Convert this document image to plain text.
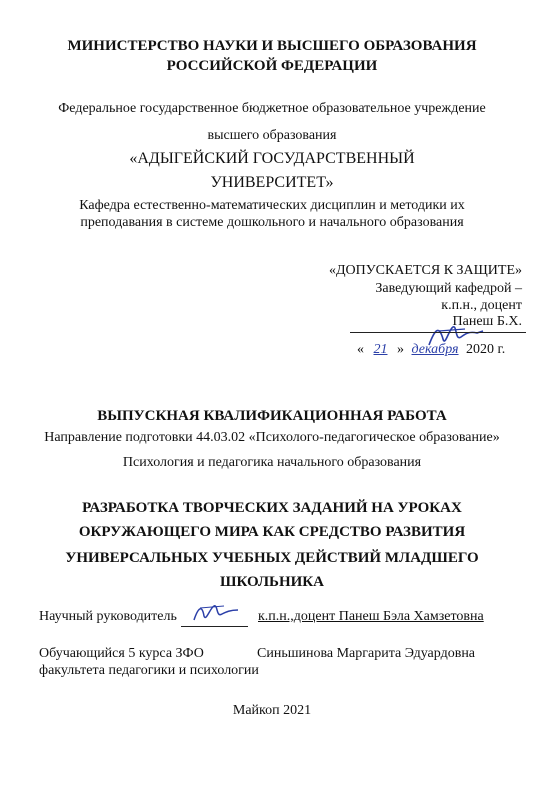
МИНИСТЕРСТВО НАУКИ И ВЫСШЕГО ОБРАЗОВАНИЯ
РОССИЙСКОЙ ФЕДЕРАЦИИ
Федеральное государственное бюджетное образовательное учреждение
высшего образования
«АДЫГЕЙСКИЙ ГОСУДАРСТВЕННЫЙ
УНИВЕРСИТЕТ»
Кафедра естественно-математических дисциплин и методики их
преподавания в системе дошкольного и начального образования
«ДОПУСКАЕТСЯ К ЗАЩИТЕ»
Заведующий кафедрой –
к.п.н., доцент
Панеш Б.Х.
« 21 » декабря 2020 г.
ВЫПУСКНАЯ КВАЛИФИКАЦИОННАЯ РАБОТА
Направление подготовки 44.03.02 «Психолого-педагогическое образование»
Психология и педагогика начального образования
РАЗРАБОТКА ТВОРЧЕСКИХ ЗАДАНИЙ НА УРОКАХ
ОКРУЖАЮЩЕГО МИРА КАК СРЕДСТВО РАЗВИТИЯ
УНИВЕРСАЛЬНЫХ УЧЕБНЫХ ДЕЙСТВИЙ МЛАДШЕГО
ШКОЛЬНИКА
Научный руководитель	к.п.н.,доцент Панеш Бэла Хамзетовна
Обучающийся 5 курса ЗФО
факультета педагогики и психологии
Синьшинова Маргарита Эдуардовна
Майкоп 2021
